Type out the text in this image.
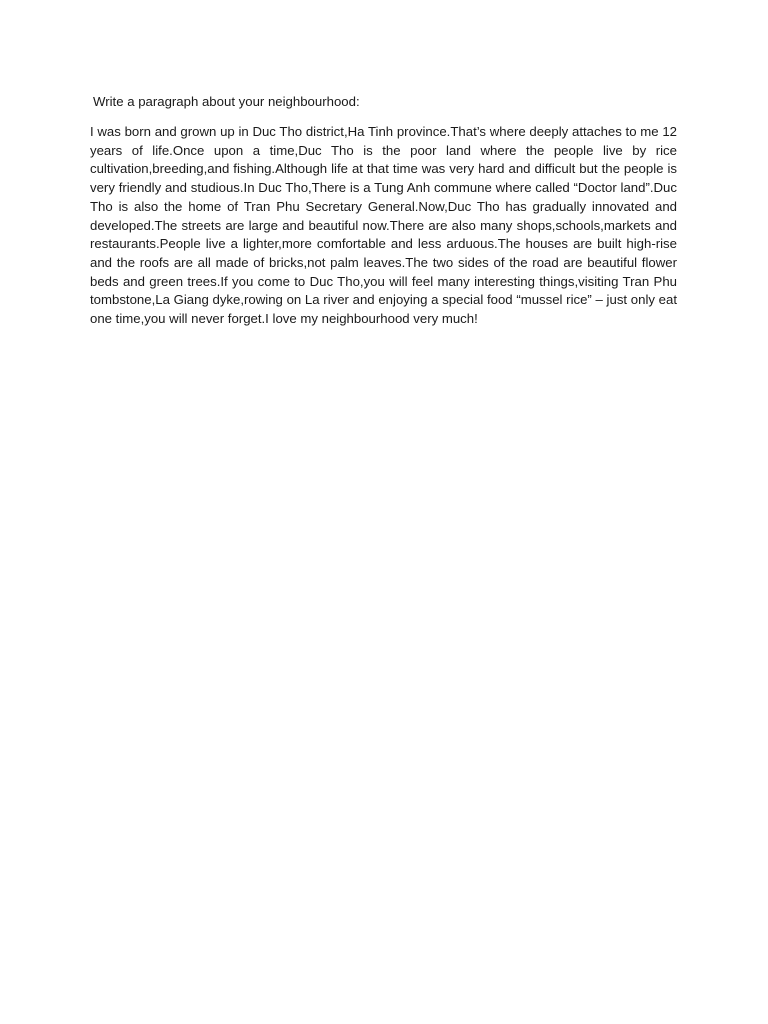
Write a paragraph about your neighbourhood:

I was born and grown up in Duc Tho district,Ha Tinh province.That’s where deeply attaches to me 12 years of life.Once upon a time,Duc Tho is the poor land where the people live by rice cultivation,breeding,and fishing.Although life at that time was very hard and difficult but the people is very friendly and studious.In Duc Tho,There is a Tung Anh commune where called “Doctor land”.Duc Tho is also the home of Tran Phu Secretary General.Now,Duc Tho has gradually innovated and developed.The streets are large and beautiful now.There are also many shops,schools,markets and restaurants.People live a lighter,more comfortable and less arduous.The houses are built high-rise and the roofs are all made of bricks,not palm leaves.The two sides of the road are beautiful flower beds and green trees.If you come to Duc Tho,you will feel many interesting things,visiting Tran Phu tombstone,La Giang dyke,rowing on La river and enjoying a special food “mussel rice” – just only eat one time,you will never forget.I love my neighbourhood very much!
